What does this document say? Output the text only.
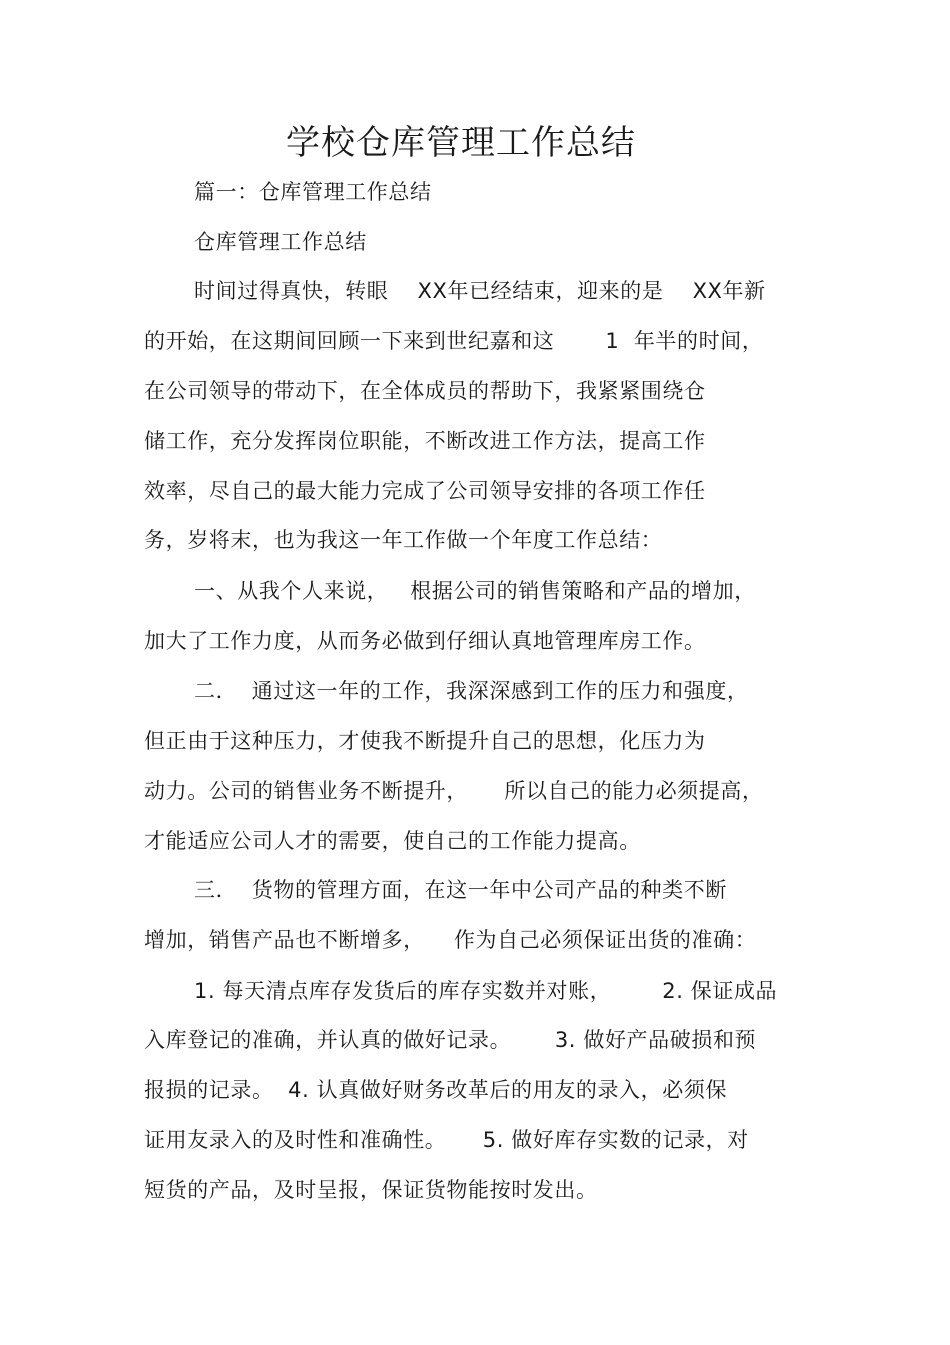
学校仓库管理工作总结
篇一：仓库管理工作总结
仓库管理工作总结
时间过得真快，转眼    XX年已经结束，迎来的是    XX年新
的开始，在这期间回顾一下来到世纪嘉和这       1  年半的时间，
在公司领导的带动下，在全体成员的帮助下，我紧紧围绕仓
储工作，充分发挥岗位职能，不断改进工作方法，提高工作
效率，尽自己的最大能力完成了公司领导安排的各项工作任
务，岁将末，也为我这一年工作做一个年度工作总结：
一、从我个人来说，   根据公司的销售策略和产品的增加，
加大了工作力度，从而务必做到仔细认真地管理库房工作。
二．  通过这一年的工作，我深深感到工作的压力和强度，
但正由于这种压力，才使我不断提升自己的思想，化压力为
动力。公司的销售业务不断提升，     所以自己的能力必须提高，
才能适应公司人才的需要，使自己的工作能力提高。
三．  货物的管理方面，在这一年中公司产品的种类不断
增加，销售产品也不断增多，    作为自己必须保证出货的准确：
1. 每天清点库存发货后的库存实数并对账，       2. 保证成品
入库登记的准确，并认真的做好记录。      3. 做好产品破损和预
报损的记录。  4. 认真做好财务改革后的用友的录入，必须保
证用友录入的及时性和准确性。     5. 做好库存实数的记录，对
短货的产品，及时呈报，保证货物能按时发出。
